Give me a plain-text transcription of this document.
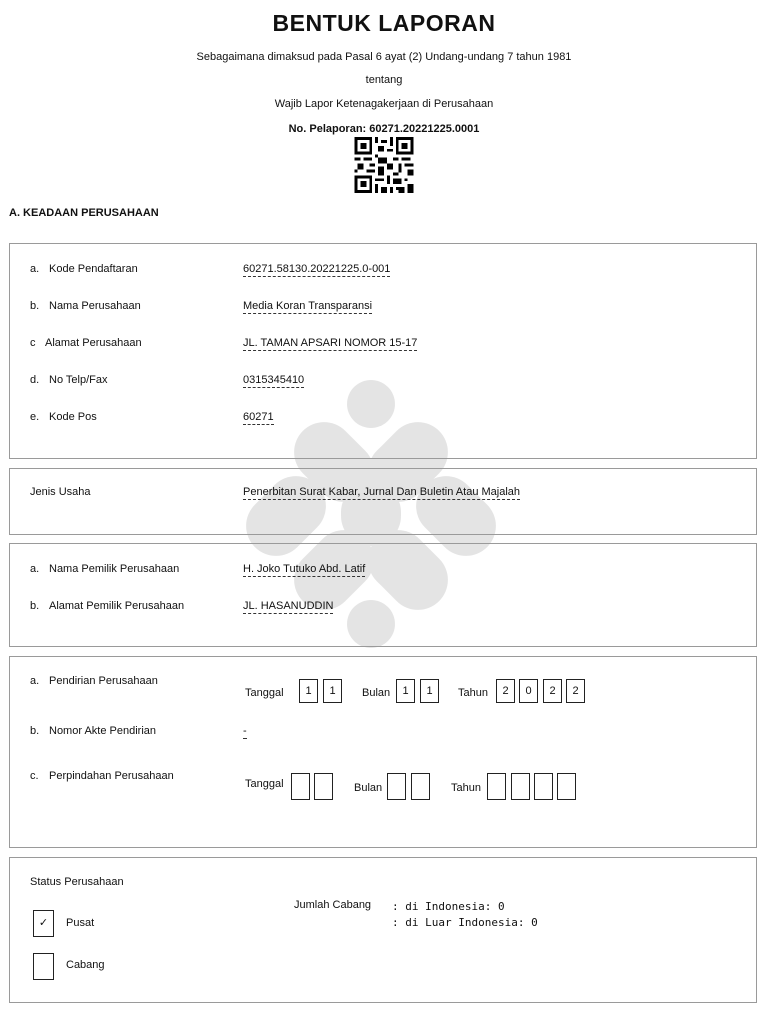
BENTUK LAPORAN
Sebagaimana dimaksud pada Pasal 6 ayat (2) Undang-undang 7 tahun 1981
tentang
Wajib Lapor Ketenagakerjaan di Perusahaan
No. Pelaporan: 60271.20221225.0001
A. KEADAAN PERUSAHAAN
a. Kode Pendaftaran	60271.58130.20221225.0-001
b. Nama Perusahaan	Media Koran Transparansi
c Alamat Perusahaan	JL. TAMAN APSARI NOMOR 15-17
d. No Telp/Fax	0315345410
e. Kode Pos	60271
Jenis Usaha	Penerbitan Surat Kabar, Jurnal Dan Buletin Atau Majalah
a. Nama Pemilik Perusahaan	H. Joko Tutuko Abd. Latif
b. Alamat Pemilik Perusahaan	JL. HASANUDDIN
a. Pendirian Perusahaan
Tanggal	1	1	Bulan	1	1	Tahun	2	0	2	2
b. Nomor Akte Pendirian	-
c. Perpindahan Perusahaan
Tanggal	Bulan	Tahun
Status Perusahaan
✓	Pusat
Cabang
Jumlah Cabang : di Indonesia: 0
: di Luar Indonesia: 0
